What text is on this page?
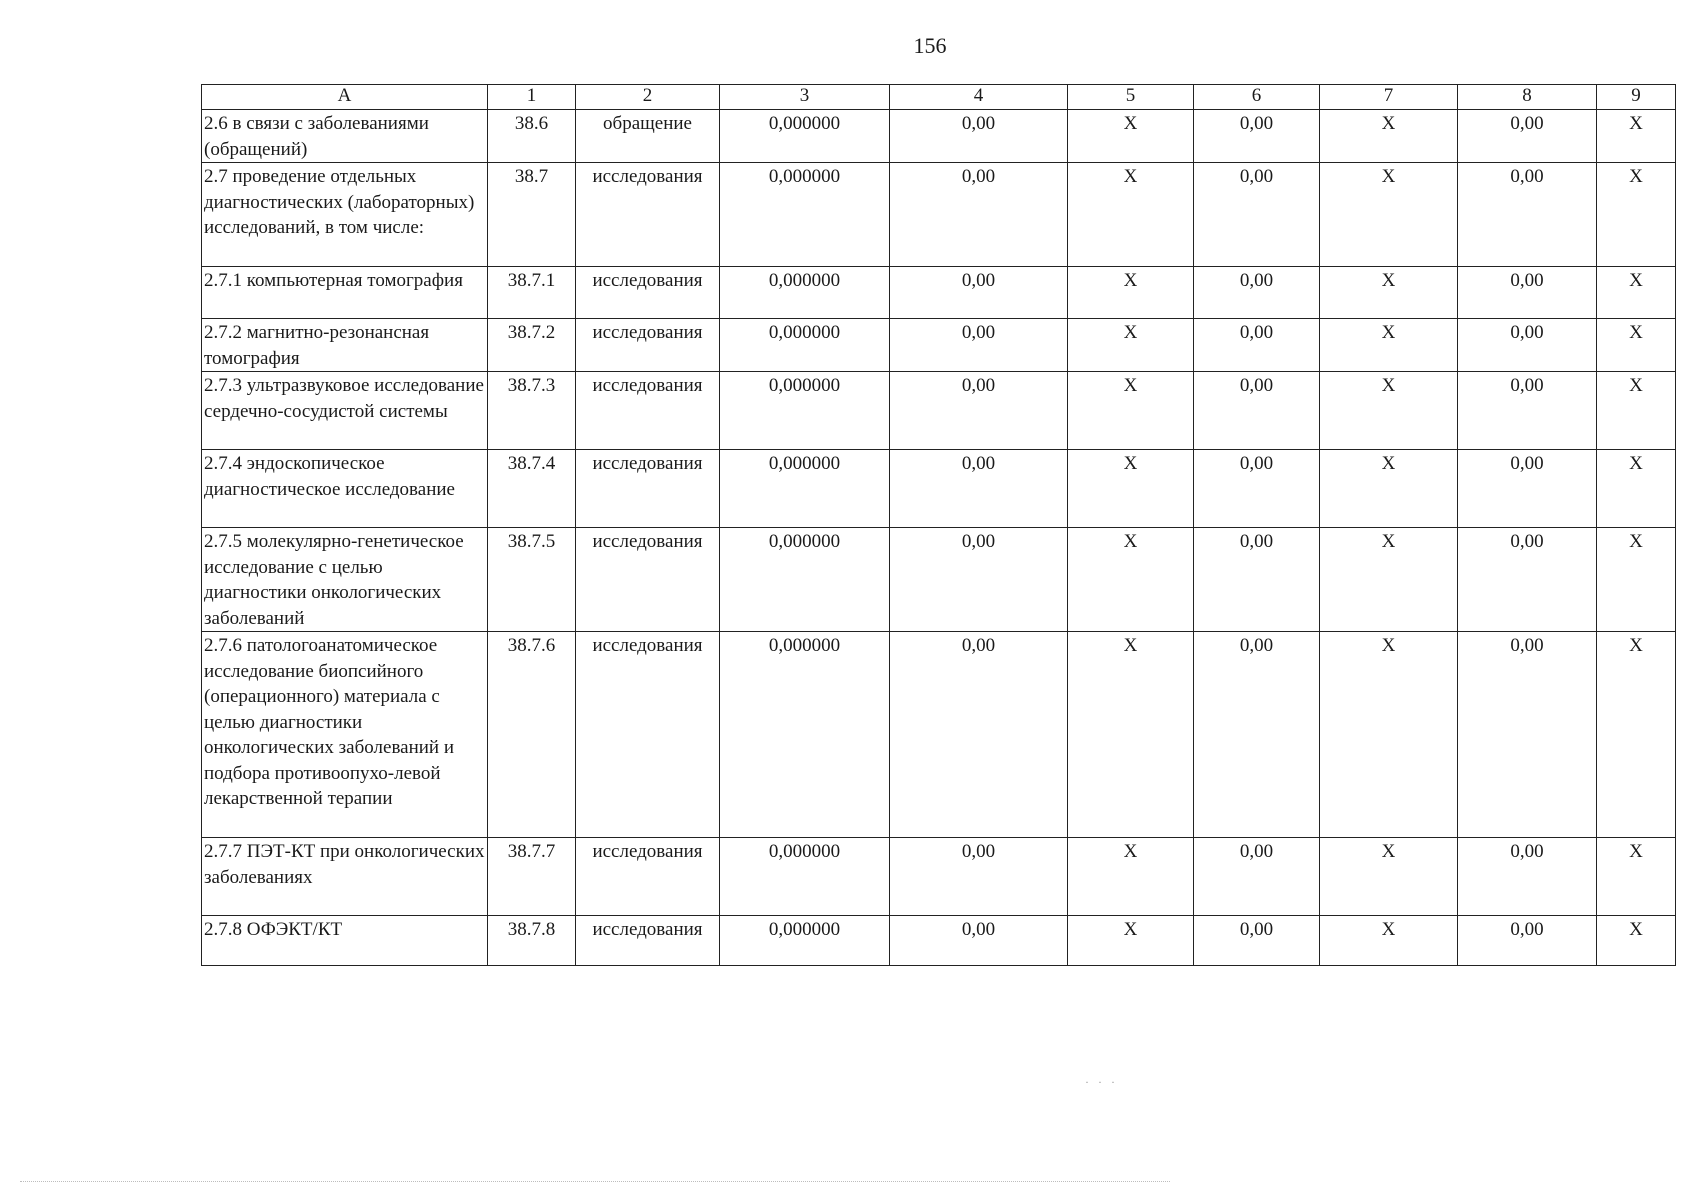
156
А	1	2	3	4	5	6	7	8	9
2.6 в связи с заболеваниями (обращений)	38.6	обращение	0,000000	0,00	X	0,00	X	0,00	X
2.7 проведение отдельных диагностических (лабораторных) исследований, в том числе:	38.7	исследования	0,000000	0,00	X	0,00	X	0,00	X
2.7.1 компьютерная томография	38.7.1	исследования	0,000000	0,00	X	0,00	X	0,00	X
2.7.2 магнитно-резонансная томография	38.7.2	исследования	0,000000	0,00	X	0,00	X	0,00	X
2.7.3 ультразвуковое исследование сердечно-сосудистой системы	38.7.3	исследования	0,000000	0,00	X	0,00	X	0,00	X
2.7.4 эндоскопическое диагностическое исследование	38.7.4	исследования	0,000000	0,00	X	0,00	X	0,00	X
2.7.5 молекулярно-генетическое исследование с целью диагностики онкологических заболеваний	38.7.5	исследования	0,000000	0,00	X	0,00	X	0,00	X
2.7.6 патологоанатомическое исследование биопсийного (операционного) материала с целью диагностики онкологических заболеваний и подбора противоопухо-левой лекарственной терапии	38.7.6	исследования	0,000000	0,00	X	0,00	X	0,00	X
2.7.7 ПЭТ-КТ при онкологических заболеваниях	38.7.7	исследования	0,000000	0,00	X	0,00	X	0,00	X
2.7.8 ОФЭКТ/КТ	38.7.8	исследования	0,000000	0,00	X	0,00	X	0,00	X
· · ·
